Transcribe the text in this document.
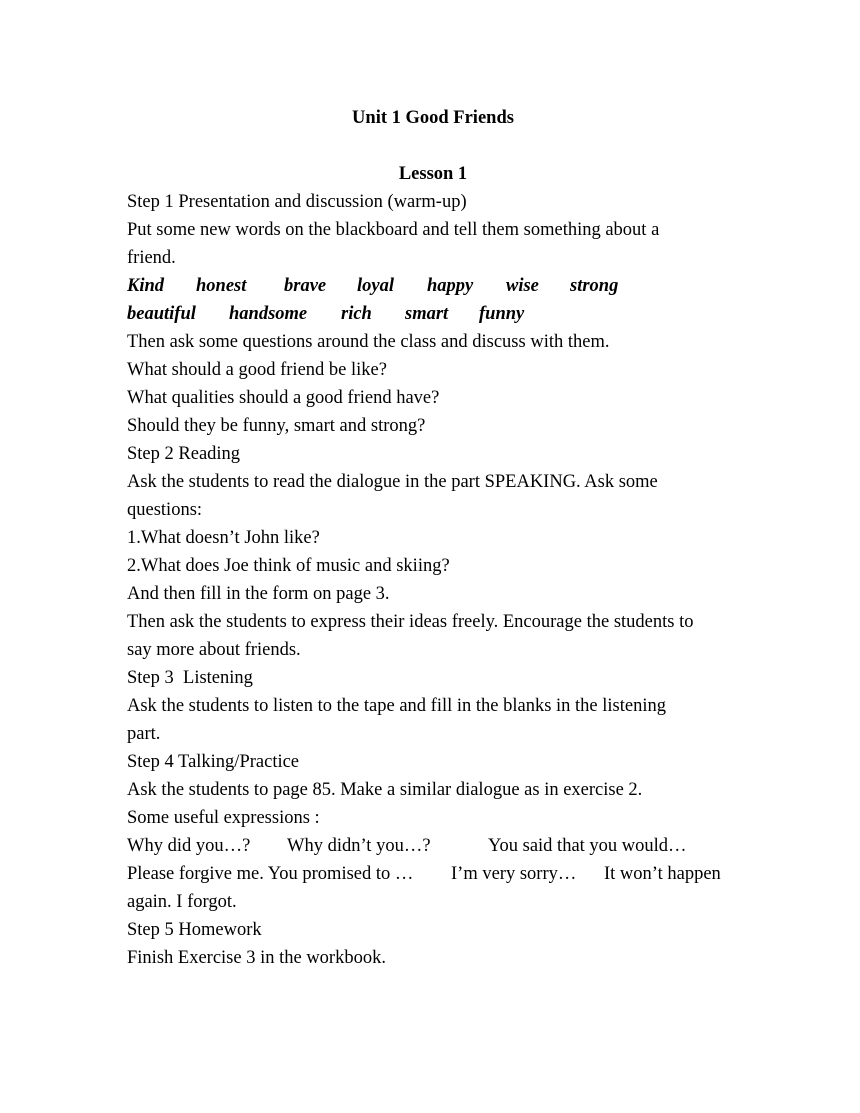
Unit 1 Good Friends

Lesson 1

Step 1 Presentation and discussion (warm-up)

Put some new words on the blackboard and tell them something about a

friend.

Kind	honest	brave	loyal	happy	wise	strong

beautiful	handsome	rich	smart	funny

Then ask some questions around the class and discuss with them.

What should a good friend be like?

What qualities should a good friend have?

Should they be funny, smart and strong?

Step 2 Reading

Ask the students to read the dialogue in the part SPEAKING. Ask some

questions:

1.What doesn’t John like?

2.What does Joe think of music and skiing?

And then fill in the form on page 3.

Then ask the students to express their ideas freely. Encourage the students to

say more about friends.

Step 3  Listening

Ask the students to listen to the tape and fill in the blanks in the listening

part.

Step 4 Talking/Practice

Ask the students to page 85. Make a similar dialogue as in exercise 2.

Some useful expressions :

Why did you…? Why didn’t you…?	You said that you would…

Please forgive me. You promised to … I’m very sorry… It won’t happen

again. I forgot.

Step 5 Homework

Finish Exercise 3 in the workbook.
